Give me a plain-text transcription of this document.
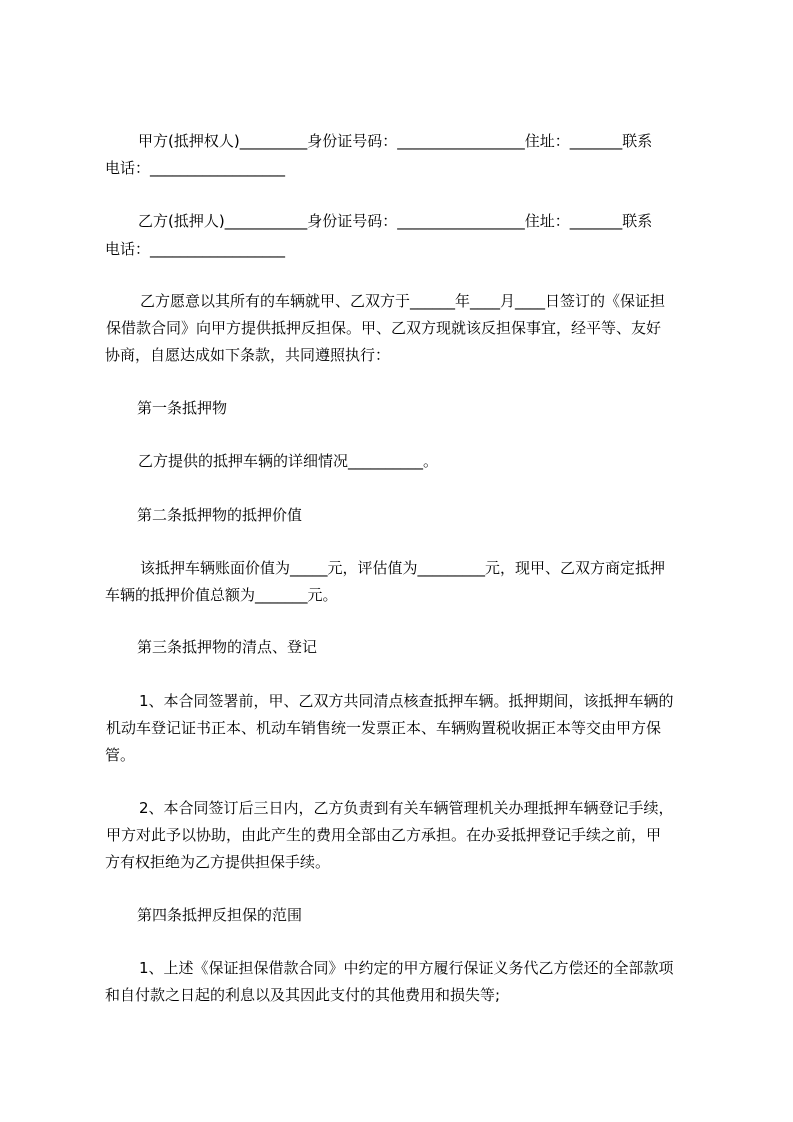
甲方(抵押权人)_________身份证号码：_________________住址：_______联系
电话：__________________
乙方(抵押人)___________身份证号码：_________________住址：_______联系
电话：__________________
乙方愿意以其所有的车辆就甲、乙双方于______年____月____日签订的《保证担
保借款合同》向甲方提供抵押反担保。甲、乙双方现就该反担保事宜，经平等、友好
协商，自愿达成如下条款，共同遵照执行：
第一条抵押物
乙方提供的抵押车辆的详细情况__________。
第二条抵押物的抵押价值
该抵押车辆账面价值为_____元，评估值为_________元，现甲、乙双方商定抵押
车辆的抵押价值总额为_______元。
第三条抵押物的清点、登记
1、本合同签署前，甲、乙双方共同清点核查抵押车辆。抵押期间，该抵押车辆的
机动车登记证书正本、机动车销售统一发票正本、车辆购置税收据正本等交由甲方保
管。
2、本合同签订后三日内，乙方负责到有关车辆管理机关办理抵押车辆登记手续，
甲方对此予以协助，由此产生的费用全部由乙方承担。在办妥抵押登记手续之前，甲
方有权拒绝为乙方提供担保手续。
第四条抵押反担保的范围
1、上述《保证担保借款合同》中约定的甲方履行保证义务代乙方偿还的全部款项
和自付款之日起的利息以及其因此支付的其他费用和损失等;
